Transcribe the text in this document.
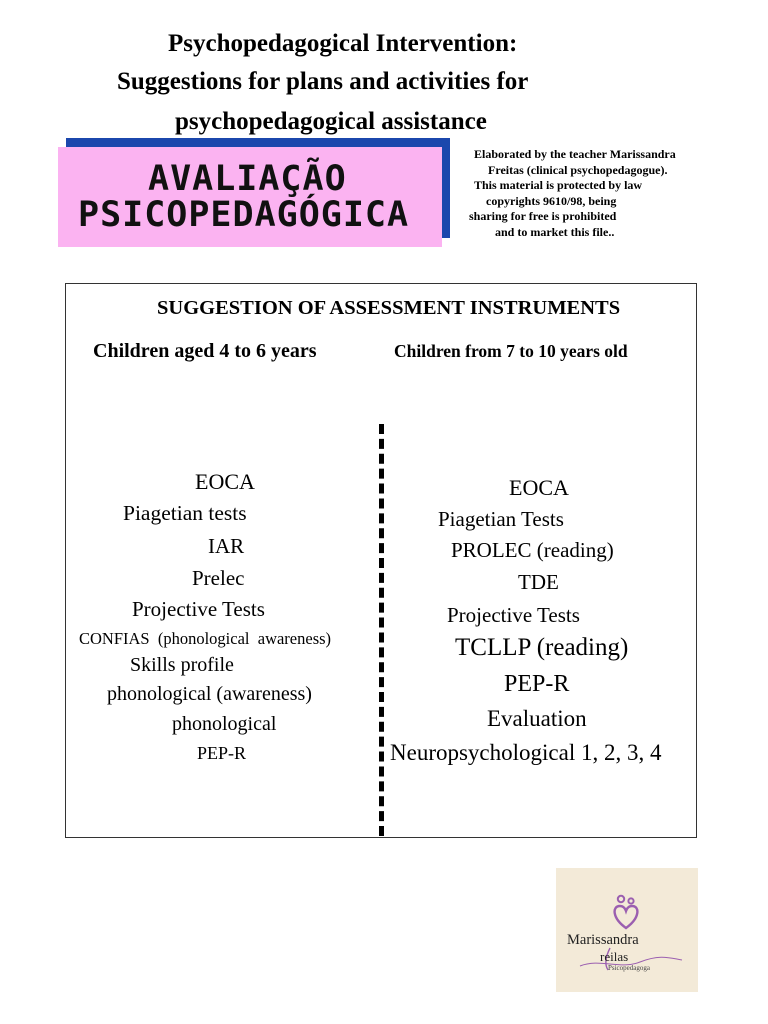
Psychopedagogical Intervention:
Suggestions for plans and activities for
psychopedagogical assistance
AVALIAÇÃO
PSICOPEDAGÓGICA
Elaborated by the teacher Marissandra
Freitas (clinical psychopedagogue).
This material is protected by law
copyrights 9610/98, being
sharing for free is prohibited
and to market this file..
SUGGESTION OF ASSESSMENT INSTRUMENTS
Children aged 4 to 6 years	Children from 7 to 10 years old
EOCA
Piagetian tests
IAR
Prelec
Projective Tests
CONFIAS  (phonological  awareness)
Skills profile
phonological (awareness)
phonological
PEP-R
EOCA
Piagetian Tests
PROLEC (reading)
TDE
Projective Tests
TCLLP (reading)
PEP-R
Evaluation
Neuropsychological 1, 2, 3, 4
Marissandra
reilas
Psicopedagoga
